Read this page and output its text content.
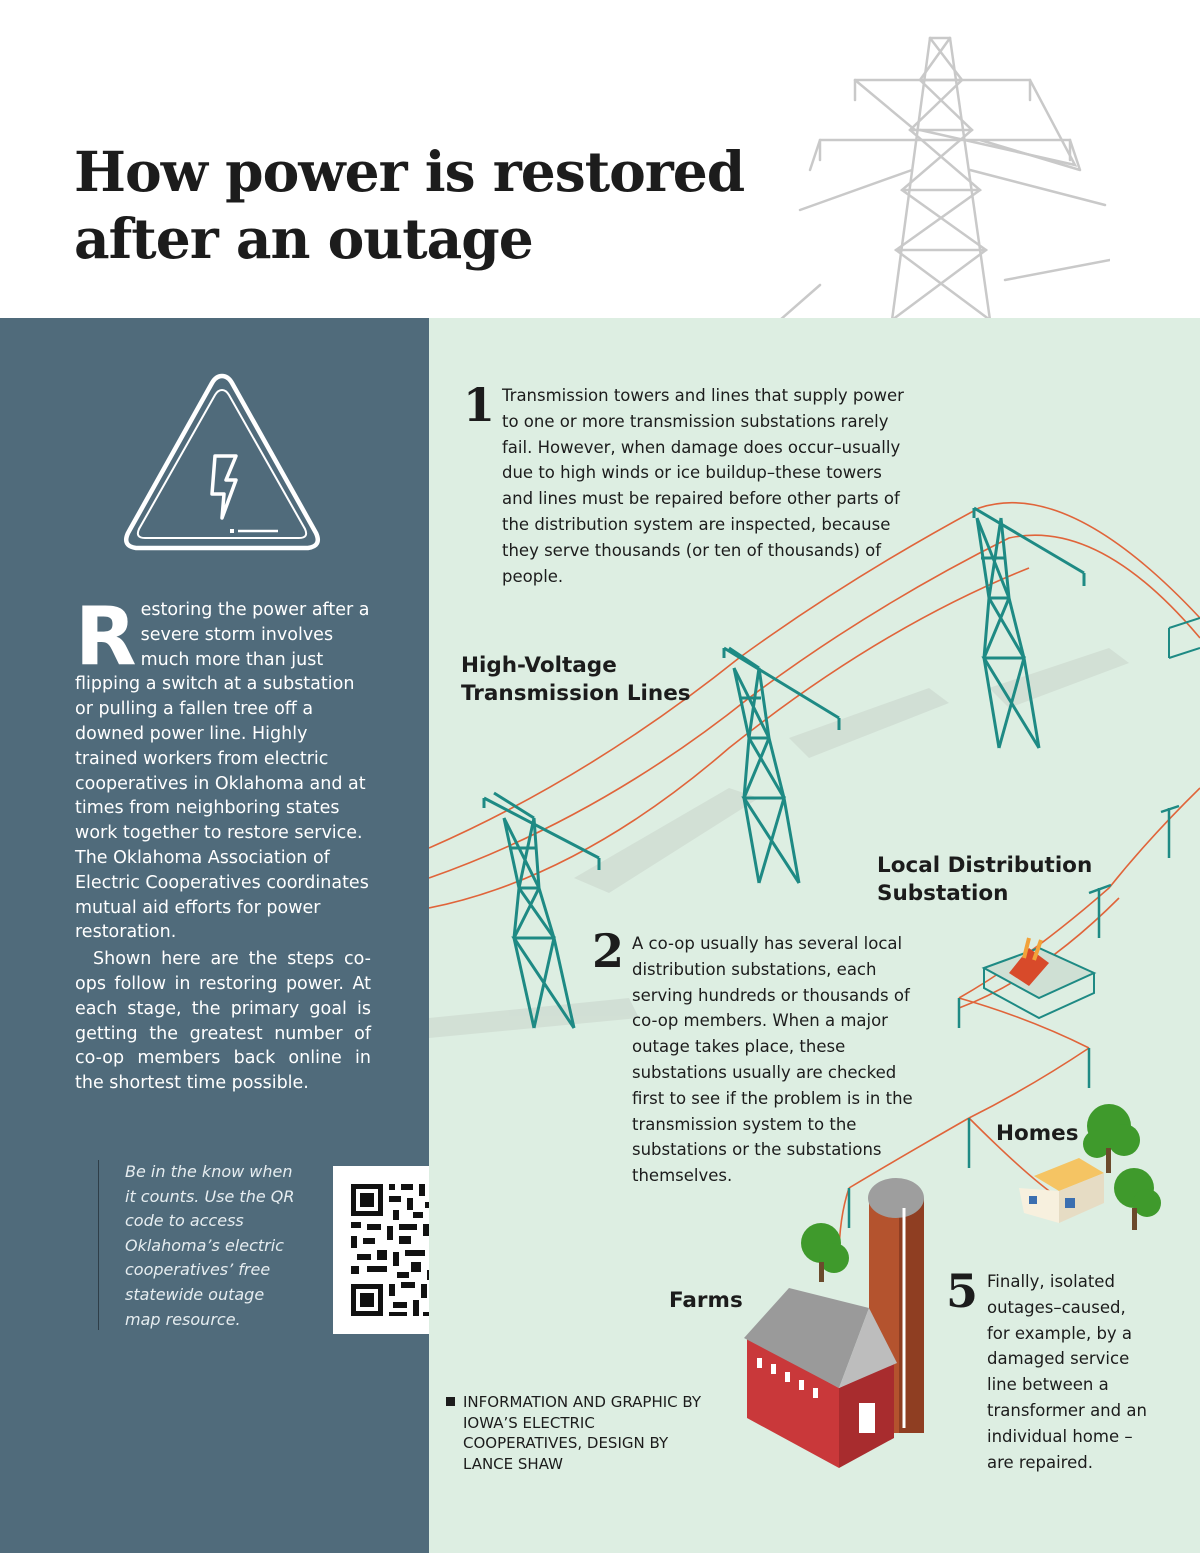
How power is restored
after an outage

Restoring the power after a severe storm involves much more than just flipping a switch at a substation or pulling a fallen tree off a downed power line. Highly trained workers from electric cooperatives in Oklahoma and at times from neighboring states work together to restore service. The Oklahoma Association of Electric Cooperatives coordinates mutual aid efforts for power restoration.

Shown here are the steps co-ops follow in restoring power. At each stage, the primary goal is getting the greatest number of co-op members back online in the shortest time possible.

Be in the know when it counts. Use the QR code to access Oklahoma’s electric cooperatives’ free statewide outage map resource.
1 Transmission towers and lines that supply power to one or more transmission substations rarely fail. However, when damage does occur–usually due to high winds or ice buildup–these towers and lines must be repaired before other parts of the distribution system are inspected, because they serve thousands (or ten of thousands) of people.

High-Voltage
Transmission Lines
Local Distribution
Substation
2 A co-op usually has several local distribution substations, each serving hundreds or thousands of co-op members. When a major outage takes place, these substations usually are checked first to see if the problem is in the transmission system to the substations or the substations themselves.

Homes
Farms	5 Finally, isolated outages–caused, for example, by a damaged service line between a transformer and an individual home –are repaired.

INFORMATION AND GRAPHIC BY IOWA’S ELECTRIC COOPERATIVES, DESIGN BY LANCE SHAW
